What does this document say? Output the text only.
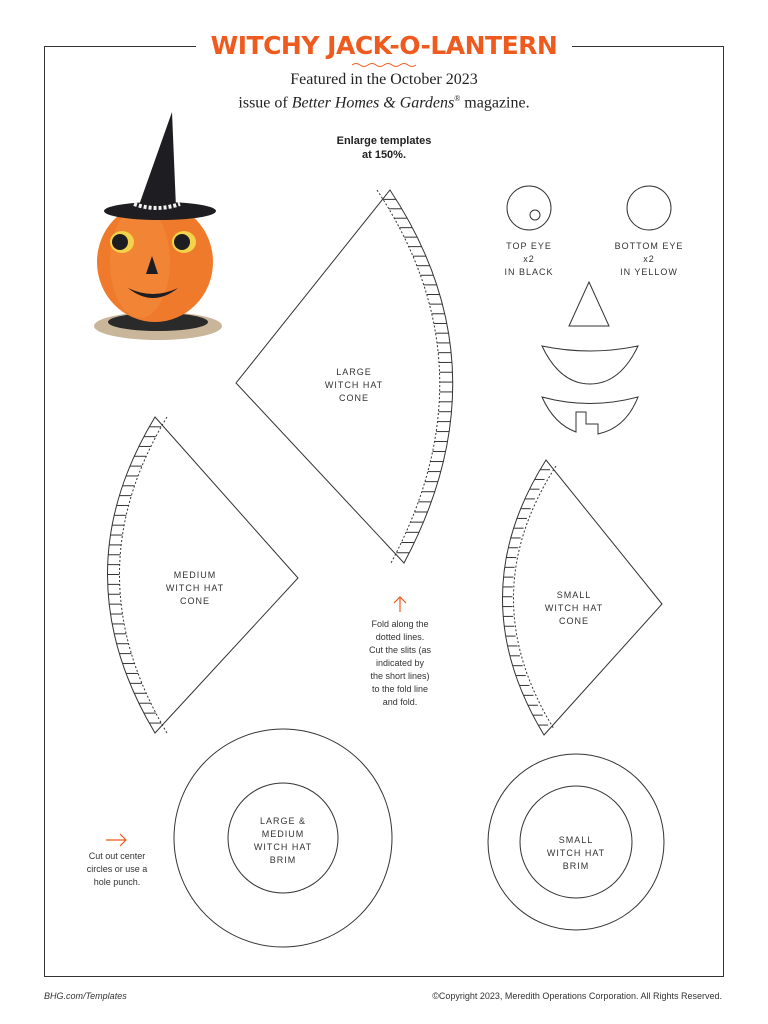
WITCHY JACK-O-LANTERN
Featured in the October 2023
issue of Better Homes & Gardens® magazine.
Enlarge templates
at 150%.
LARGE
WITCH HAT
CONE
MEDIUM
WITCH HAT
CONE
SMALL
WITCH HAT
CONE
TOP EYE
x2
IN BLACK
BOTTOM EYE
x2
IN YELLOW
LARGE &
MEDIUM
WITCH HAT
BRIM
SMALL
WITCH HAT
BRIM
Fold along the
dotted lines.
Cut the slits (as
indicated by
the short lines)
to the fold line
and fold.
Cut out center
circles or use a
hole punch.
BHG.com/Templates	©Copyright 2023, Meredith Operations Corporation. All Rights Reserved.
